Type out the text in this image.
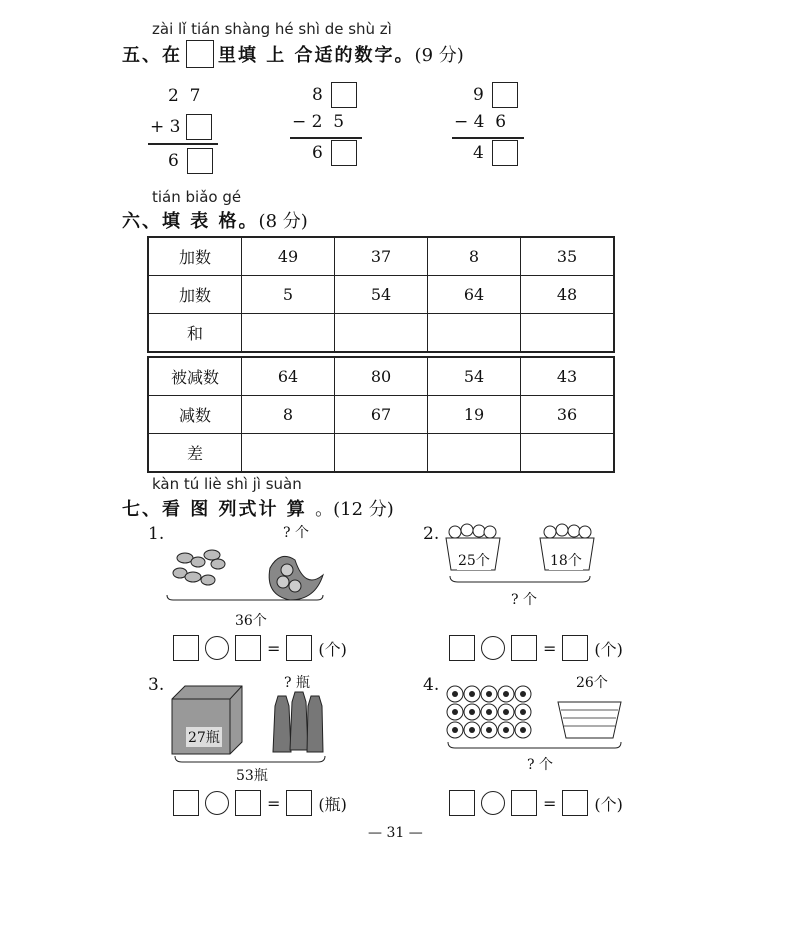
zài lǐ tián shàng hé shì de shù zì
五、在 里填 上 合适的数字。 (9 分)
2  7
+ 3
6
8
− 2  5
6
9
− 4  6
4
tián biǎo gé
六、填 表 格。(8 分)
加数	49	37	8	35
加数	5	54	64	48
和				
被减数	64	80	54	43
减数	8	67	19	36
差				
kàn tú liè shì jì suàn
七、看 图 列式计 算 。(12 分)
1.	? 个
36个
2.
25个	18个
? 个
= (个)	= (个)
3.
27瓶
? 瓶
53瓶
4.	26个
? 个
= (瓶)	= (个)
— 31 —
